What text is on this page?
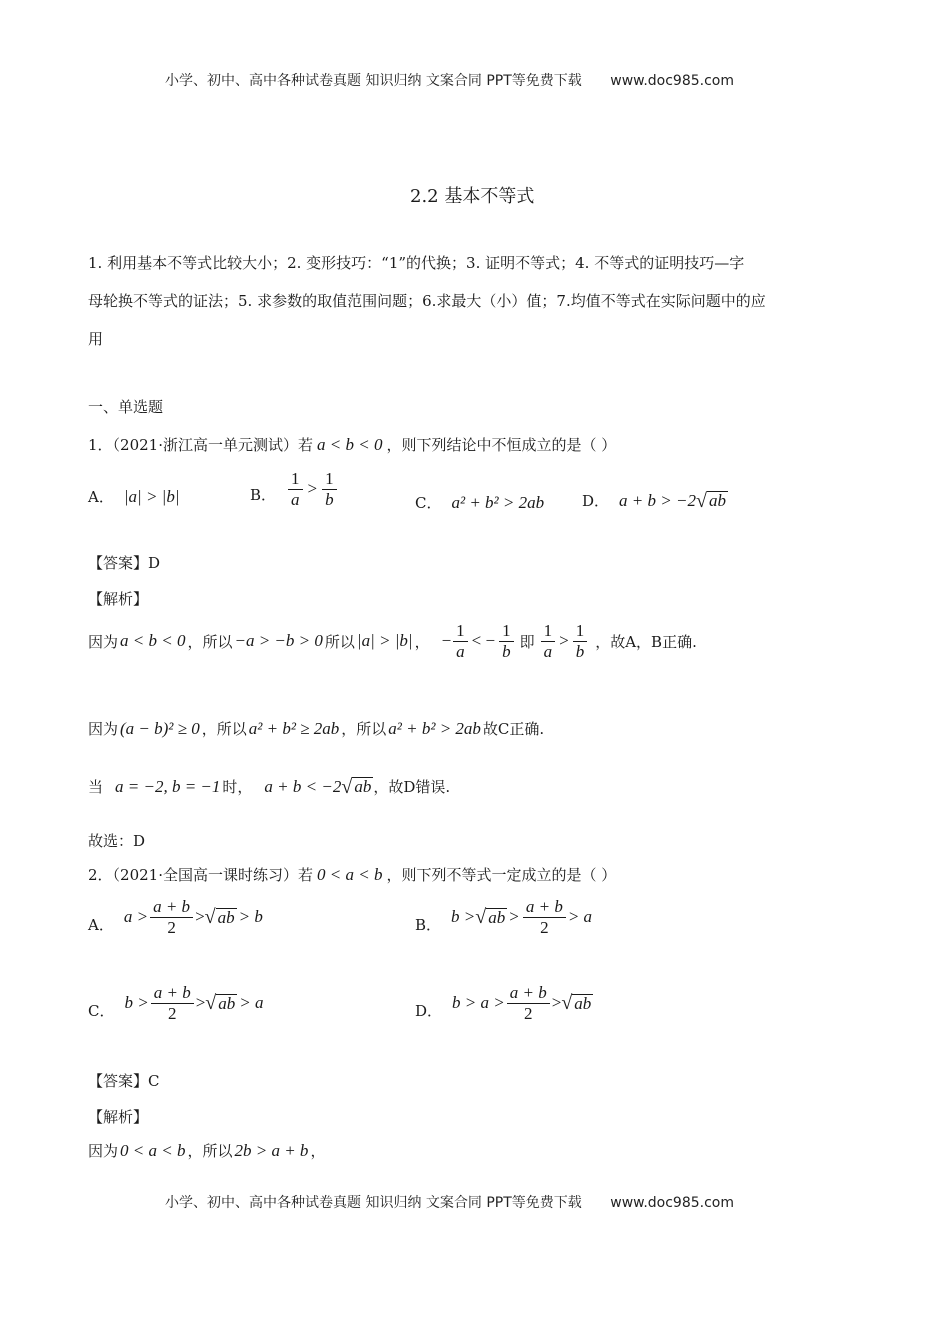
小学、初中、高中各种试卷真题 知识归纳 文案合同 PPT等免费下载 www.doc985.com
2.2 基本不等式
1. 利用基本不等式比较大小；2. 变形技巧：“1”的代换；3. 证明不等式；4. 不等式的证明技巧—字
母轮换不等式的证法；5. 求参数的取值范围问题；6.求最大（小）值；7.均值不等式在实际问题中的应
用
一、单选题
1．（2021·浙江高一单元测试）若 a < b < 0 ，则下列结论中不恒成立的是（ ）
A． |a| > |b|	B． $\frac{1}{a} > \frac{1}{b}$	C． a² + b² > 2ab	D． a + b > −2 √ ab
【答案】D
【解析】
因为 a < b < 0 ，所以 −a > −b > 0 所以 |a| > |b| ， − $\frac{1}{a}$ < − $\frac{1}{b}$ 即 $\frac{1}{a} > \frac{1}{b}$ ，故A，B正确.
因为 (a − b)² ≥ 0 ，所以 a² + b² ≥ 2ab ，所以 a² + b² > 2ab 故C正确.
当 a = −2, b = −1 时， a + b < −2 √ ab ，故D错误.
故选：D
2．（2021·全国高一课时练习）若 0 < a < b ，则下列不等式一定成立的是（ ）
A． $a > \frac{a + b}{2}$ > √ ab > b	B． b > √ ab > $\frac{a + b}{2} > a$
C． $b > \frac{a + b}{2}$ > √ ab > a	D． $b > a > \frac{a + b}{2}$ > √ ab
【答案】C
【解析】
因为 0 < a < b ，所以 2b > a + b ，
小学、初中、高中各种试卷真题 知识归纳 文案合同 PPT等免费下载 www.doc985.com
